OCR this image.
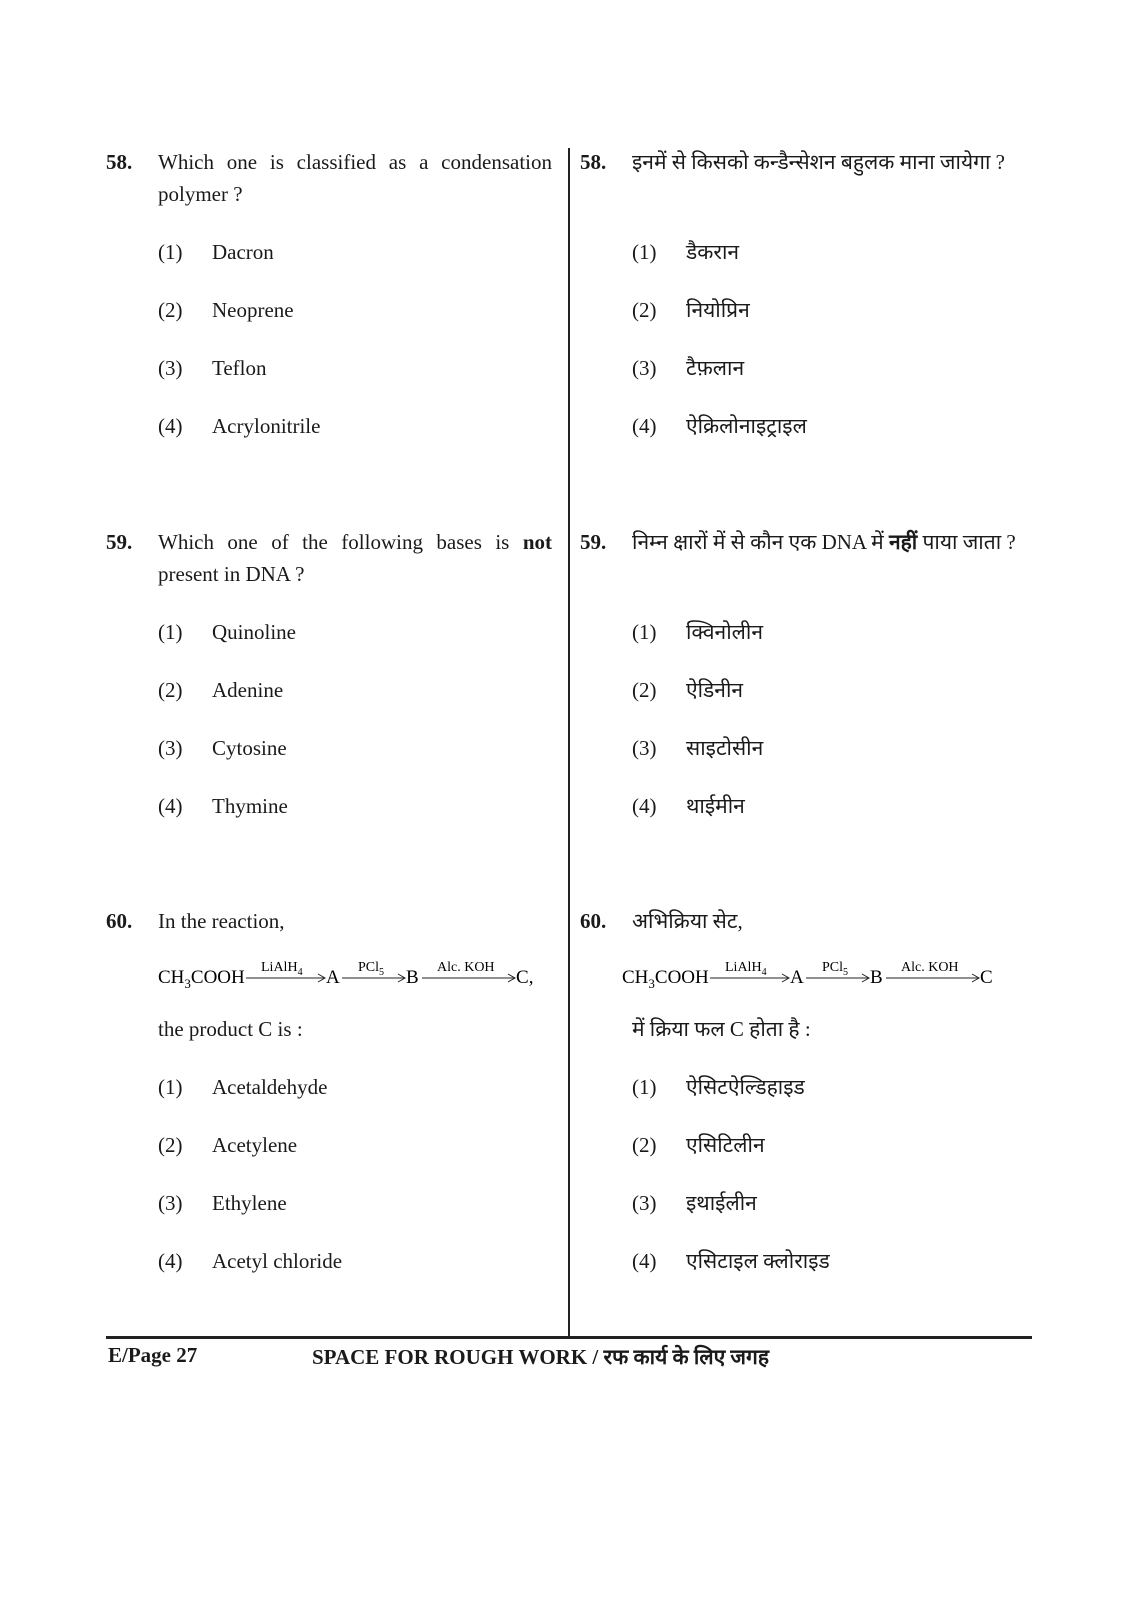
58.	Which one is classified as a condensation polymer ?
(1)	Dacron
(2)	Neoprene
(3)	Teflon
(4)	Acrylonitrile
59.	Which one of the following bases is not present in DNA ?
(1)	Quinoline
(2)	Adenine
(3)	Cytosine
(4)	Thymine
60.	In the reaction,
$CH_3COOH$ LiAlH$_4$ A PCl$_5$ B Alc. KOH C,
the product C is :
(1)	Acetaldehyde
(2)	Acetylene
(3)	Ethylene
(4)	Acetyl chloride
58.	इनमें से किसको कन्डैन्सेशन बहुलक माना जायेगा ?
(1)	डैकरान
(2)	नियोप्रिन
(3)	टैफ़लान
(4)	ऐक्रिलोनाइट्राइल
59.	निम्न क्षारों में से कौन एक DNA में नहीं पाया जाता ?
(1)	क्विनोलीन
(2)	ऐडिनीन
(3)	साइटोसीन
(4)	थाईमीन
60.	अभिक्रिया सेट,
$CH_3COOH$ LiAlH$_4$ A PCl$_5$ B Alc. KOH C
में क्रिया फल C होता है :
(1)	ऐसिटऐल्डिहाइड
(2)	एसिटिलीन
(3)	इथाईलीन
(4)	एसिटाइल क्लोराइड
E/Page 27	SPACE FOR ROUGH WORK / रफ कार्य के लिए जगह
